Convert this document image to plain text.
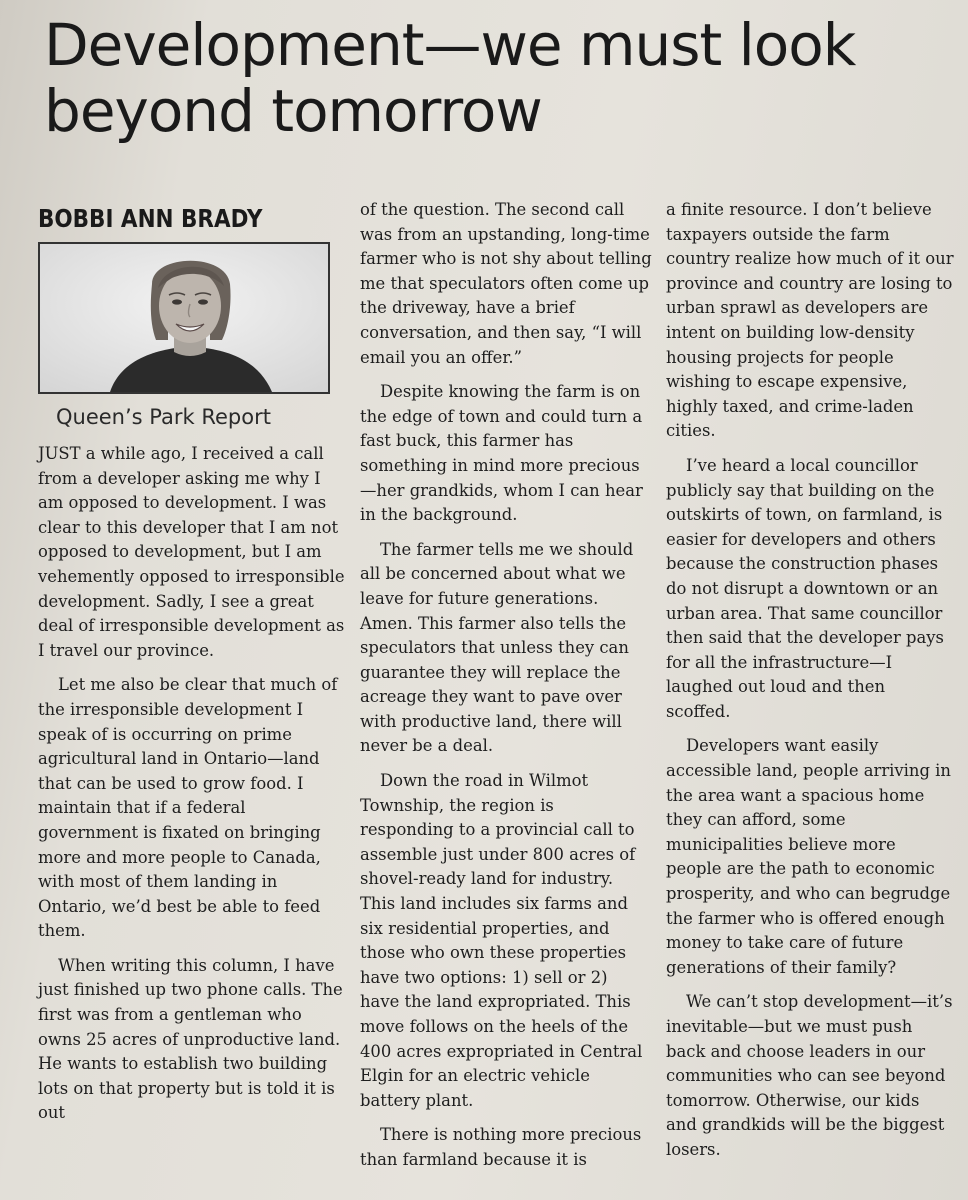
Development—we must look beyond tomorrow
BOBBI ANN BRADY
Queen’s Park Report

JUST a while ago, I received a call from a developer asking me why I am opposed to development. I was clear to this developer that I am not opposed to development, but I am vehemently opposed to irresponsible development. Sadly, I see a great deal of irresponsible development as I travel our province.

Let me also be clear that much of the irresponsible development I speak of is occurring on prime agricultural land in Ontario—land that can be used to grow food. I maintain that if a federal government is fixated on bringing more and more people to Canada, with most of them landing in Ontario, we’d best be able to feed them.

When writing this column, I have just finished up two phone calls. The first was from a gentleman who owns 25 acres of unproductive land. He wants to establish two building lots on that property but is told it is out

of the question. The second call was from an upstanding, long-time farmer who is not shy about telling me that speculators often come up the driveway, have a brief conversation, and then say, “I will email you an offer.”

Despite knowing the farm is on the edge of town and could turn a fast buck, this farmer has something in mind more precious—her grandkids, whom I can hear in the background.

The farmer tells me we should all be concerned about what we leave for future generations. Amen. This farmer also tells the speculators that unless they can guarantee they will replace the acreage they want to pave over with productive land, there will never be a deal.

Down the road in Wilmot Township, the region is responding to a provincial call to assemble just under 800 acres of shovel-ready land for industry. This land includes six farms and six residential properties, and those who own these properties have two options: 1) sell or 2) have the land expropriated. This move follows on the heels of the 400 acres expropriated in Central Elgin for an electric vehicle battery plant.

There is nothing more precious than farmland because it is

a finite resource. I don’t believe taxpayers outside the farm country realize how much of it our province and country are losing to urban sprawl as developers are intent on building low-density housing projects for people wishing to escape expensive, highly taxed, and crime-laden cities.

I’ve heard a local councillor publicly say that building on the outskirts of town, on farmland, is easier for developers and others because the construction phases do not disrupt a downtown or an urban area. That same councillor then said that the developer pays for all the infrastructure—I laughed out loud and then scoffed.

Developers want easily accessible land, people arriving in the area want a spacious home they can afford, some municipalities believe more people are the path to economic prosperity, and who can begrudge the farmer who is offered enough money to take care of future generations of their family?

We can’t stop development—it’s inevitable—but we must push back and choose leaders in our communities who can see beyond tomorrow. Otherwise, our kids and grandkids will be the biggest losers.
